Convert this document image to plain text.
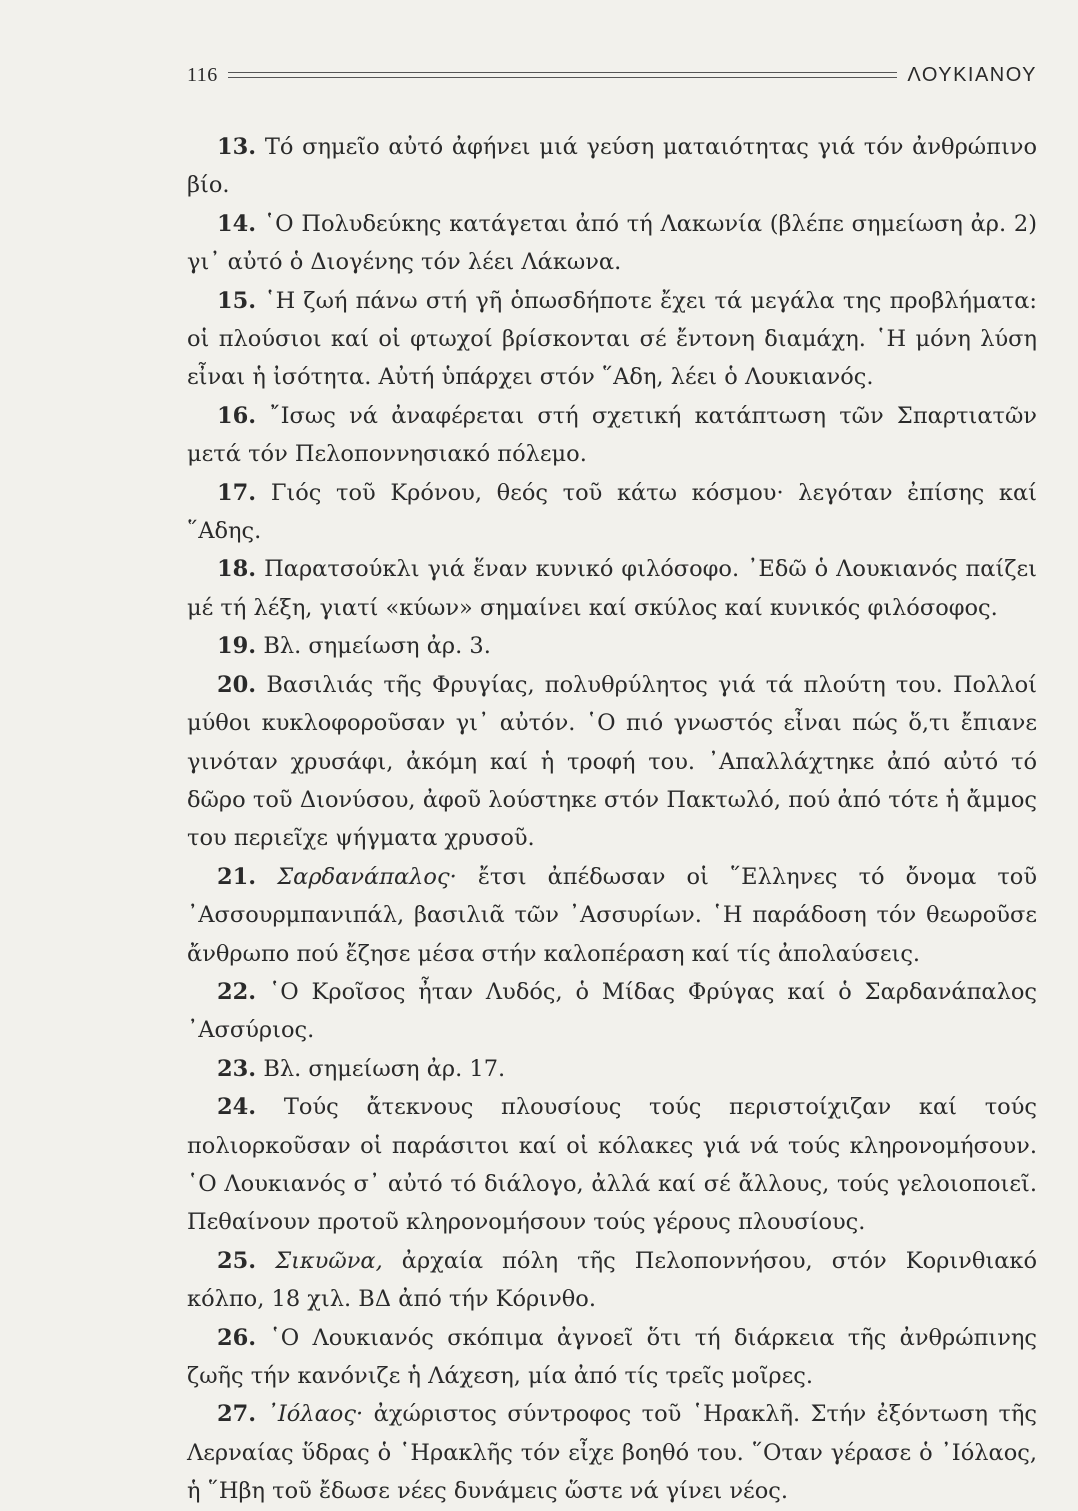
116	ΛΟΥΚΙΑΝΟΥ

13. Τό σημεῖο αὐτό ἀφήνει μιά γεύση ματαιότητας γιά τόν ἀνθρώπινο βίο.

14. ῾Ο Πολυδεύκης κατάγεται ἀπό τή Λακωνία (βλέπε σημείωση ἀρ. 2) γι᾽ αὐτό ὁ Διογένης τόν λέει Λάκωνα.

15. ῾Η ζωή πάνω στή γῆ ὁπωσδήποτε ἔχει τά μεγάλα της προβλήματα: οἱ πλούσιοι καί οἱ φτωχοί βρίσκονται σέ ἔντονη διαμάχη. ῾Η μόνη λύση εἶναι ἡ ἰσότητα. Αὐτή ὑπάρχει στόν ῞Αδη, λέει ὁ Λουκιανός.

16. ῎Ισως νά ἀναφέρεται στή σχετική κατάπτωση τῶν Σπαρτιατῶν μετά τόν Πελοποννησιακό πόλεμο.

17. Γιός τοῦ Κρόνου, θεός τοῦ κάτω κόσμου· λεγόταν ἐπίσης καί ῞Αδης.

18. Παρατσούκλι γιά ἕναν κυνικό φιλόσοφο. ᾿Εδῶ ὁ Λουκιανός παίζει μέ τή λέξη, γιατί «κύων» σημαίνει καί σκύλος καί κυνικός φιλόσοφος.

19. Βλ. σημείωση ἀρ. 3.

20. Βασιλιάς τῆς Φρυγίας, πολυθρύλητος γιά τά πλούτη του. Πολλοί μύθοι κυκλοφοροῦσαν γι᾽ αὐτόν. ῾Ο πιό γνωστός εἶναι πώς ὅ,τι ἔπιανε γινόταν χρυσάφι, ἀκόμη καί ἡ τροφή του. ᾿Απαλλάχτηκε ἀπό αὐτό τό δῶρο τοῦ Διονύσου, ἀφοῦ λούστηκε στόν Πακτωλό, πού ἀπό τότε ἡ ἄμμος του περιεῖχε ψήγματα χρυσοῦ.

21. Σαρδανάπαλος· ἔτσι ἀπέδωσαν οἱ ῞Ελληνες τό ὄνομα τοῦ ᾿Ασσουρμπανιπάλ, βασιλιᾶ τῶν ᾿Ασσυρίων. ῾Η παράδοση τόν θεωροῦσε ἄνθρωπο πού ἔζησε μέσα στήν καλοπέραση καί τίς ἀπολαύσεις.

22. ῾Ο Κροῖσος ἦταν Λυδός, ὁ Μίδας Φρύγας καί ὁ Σαρδανάπαλος ᾿Ασσύριος.

23. Βλ. σημείωση ἀρ. 17.

24. Τούς ἄτεκνους πλουσίους τούς περιστοίχιζαν καί τούς πολιορκοῦσαν οἱ παράσιτοι καί οἱ κόλακες γιά νά τούς κληρονομήσουν. ῾Ο Λουκιανός σ᾽ αὐτό τό διάλογο, ἀλλά καί σέ ἄλλους, τούς γελοιοποιεῖ. Πεθαίνουν προτοῦ κληρονομήσουν τούς γέρους πλουσίους.

25. Σικυῶνα, ἀρχαία πόλη τῆς Πελοποννήσου, στόν Κορινθιακό κόλπο, 18 χιλ. ΒΔ ἀπό τήν Κόρινθο.

26. ῾Ο Λουκιανός σκόπιμα ἀγνοεῖ ὅτι τή διάρκεια τῆς ἀνθρώπινης ζωῆς τήν κανόνιζε ἡ Λάχεση, μία ἀπό τίς τρεῖς μοῖρες.

27. ᾿Ιόλαος· ἀχώριστος σύντροφος τοῦ ῾Ηρακλῆ. Στήν ἐξόντωση τῆς Λερναίας ὕδρας ὁ ῾Ηρακλῆς τόν εἶχε βοηθό του. ῞Οταν γέρασε ὁ ᾿Ιόλαος, ἡ ῞Ηβη τοῦ ἔδωσε νέες δυνάμεις ὥστε νά γίνει νέος.
